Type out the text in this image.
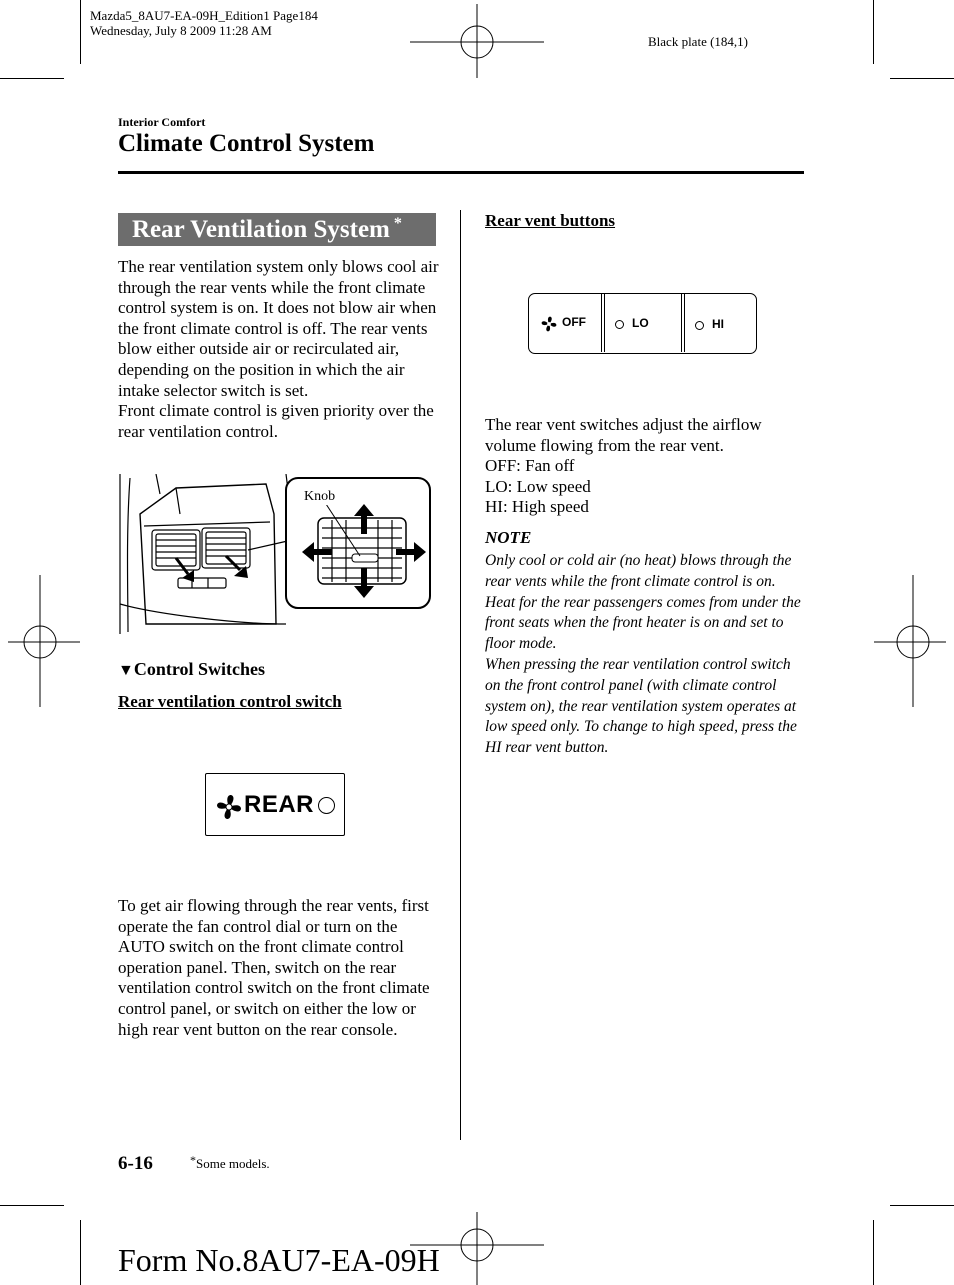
Mazda5_8AU7-EA-09H_Edition1 Page184
Wednesday, July 8 2009 11:28 AM
Black plate (184,1)
Interior Comfort
Climate Control System
Rear Ventilation System *

The rear ventilation system only blows cool air through the rear vents while the front climate control system is on. It does not blow air when the front climate control is off. The rear vents blow either outside air or recirculated air, depending on the position in which the air intake selector switch is set.

Front climate control is given priority over the rear ventilation control.

Knob
▼Control Switches
Rear ventilation control switch
REAR
To get air flowing through the rear vents, first operate the fan control dial or turn on the AUTO switch on the front climate control operation panel. Then, switch on the rear ventilation control switch on the front climate control panel, or switch on either the low or high rear vent button on the rear console.
Rear vent buttons
OFF	LO	HI

The rear vent switches adjust the airflow

volume flowing from the rear vent.

OFF: Fan off

LO: Low speed

HI: High speed

NOTE

Only cool or cold air (no heat) blows through the rear vents while the front climate control is on. Heat for the rear passengers comes from under the front seats when the front heater is on and set to floor mode.

When pressing the rear ventilation control switch on the front control panel (with climate control system on), the rear ventilation system operates at low speed only. To change to high speed, press the HI rear vent button.

6-16	*Some models.
Form No.8AU7-EA-09H
